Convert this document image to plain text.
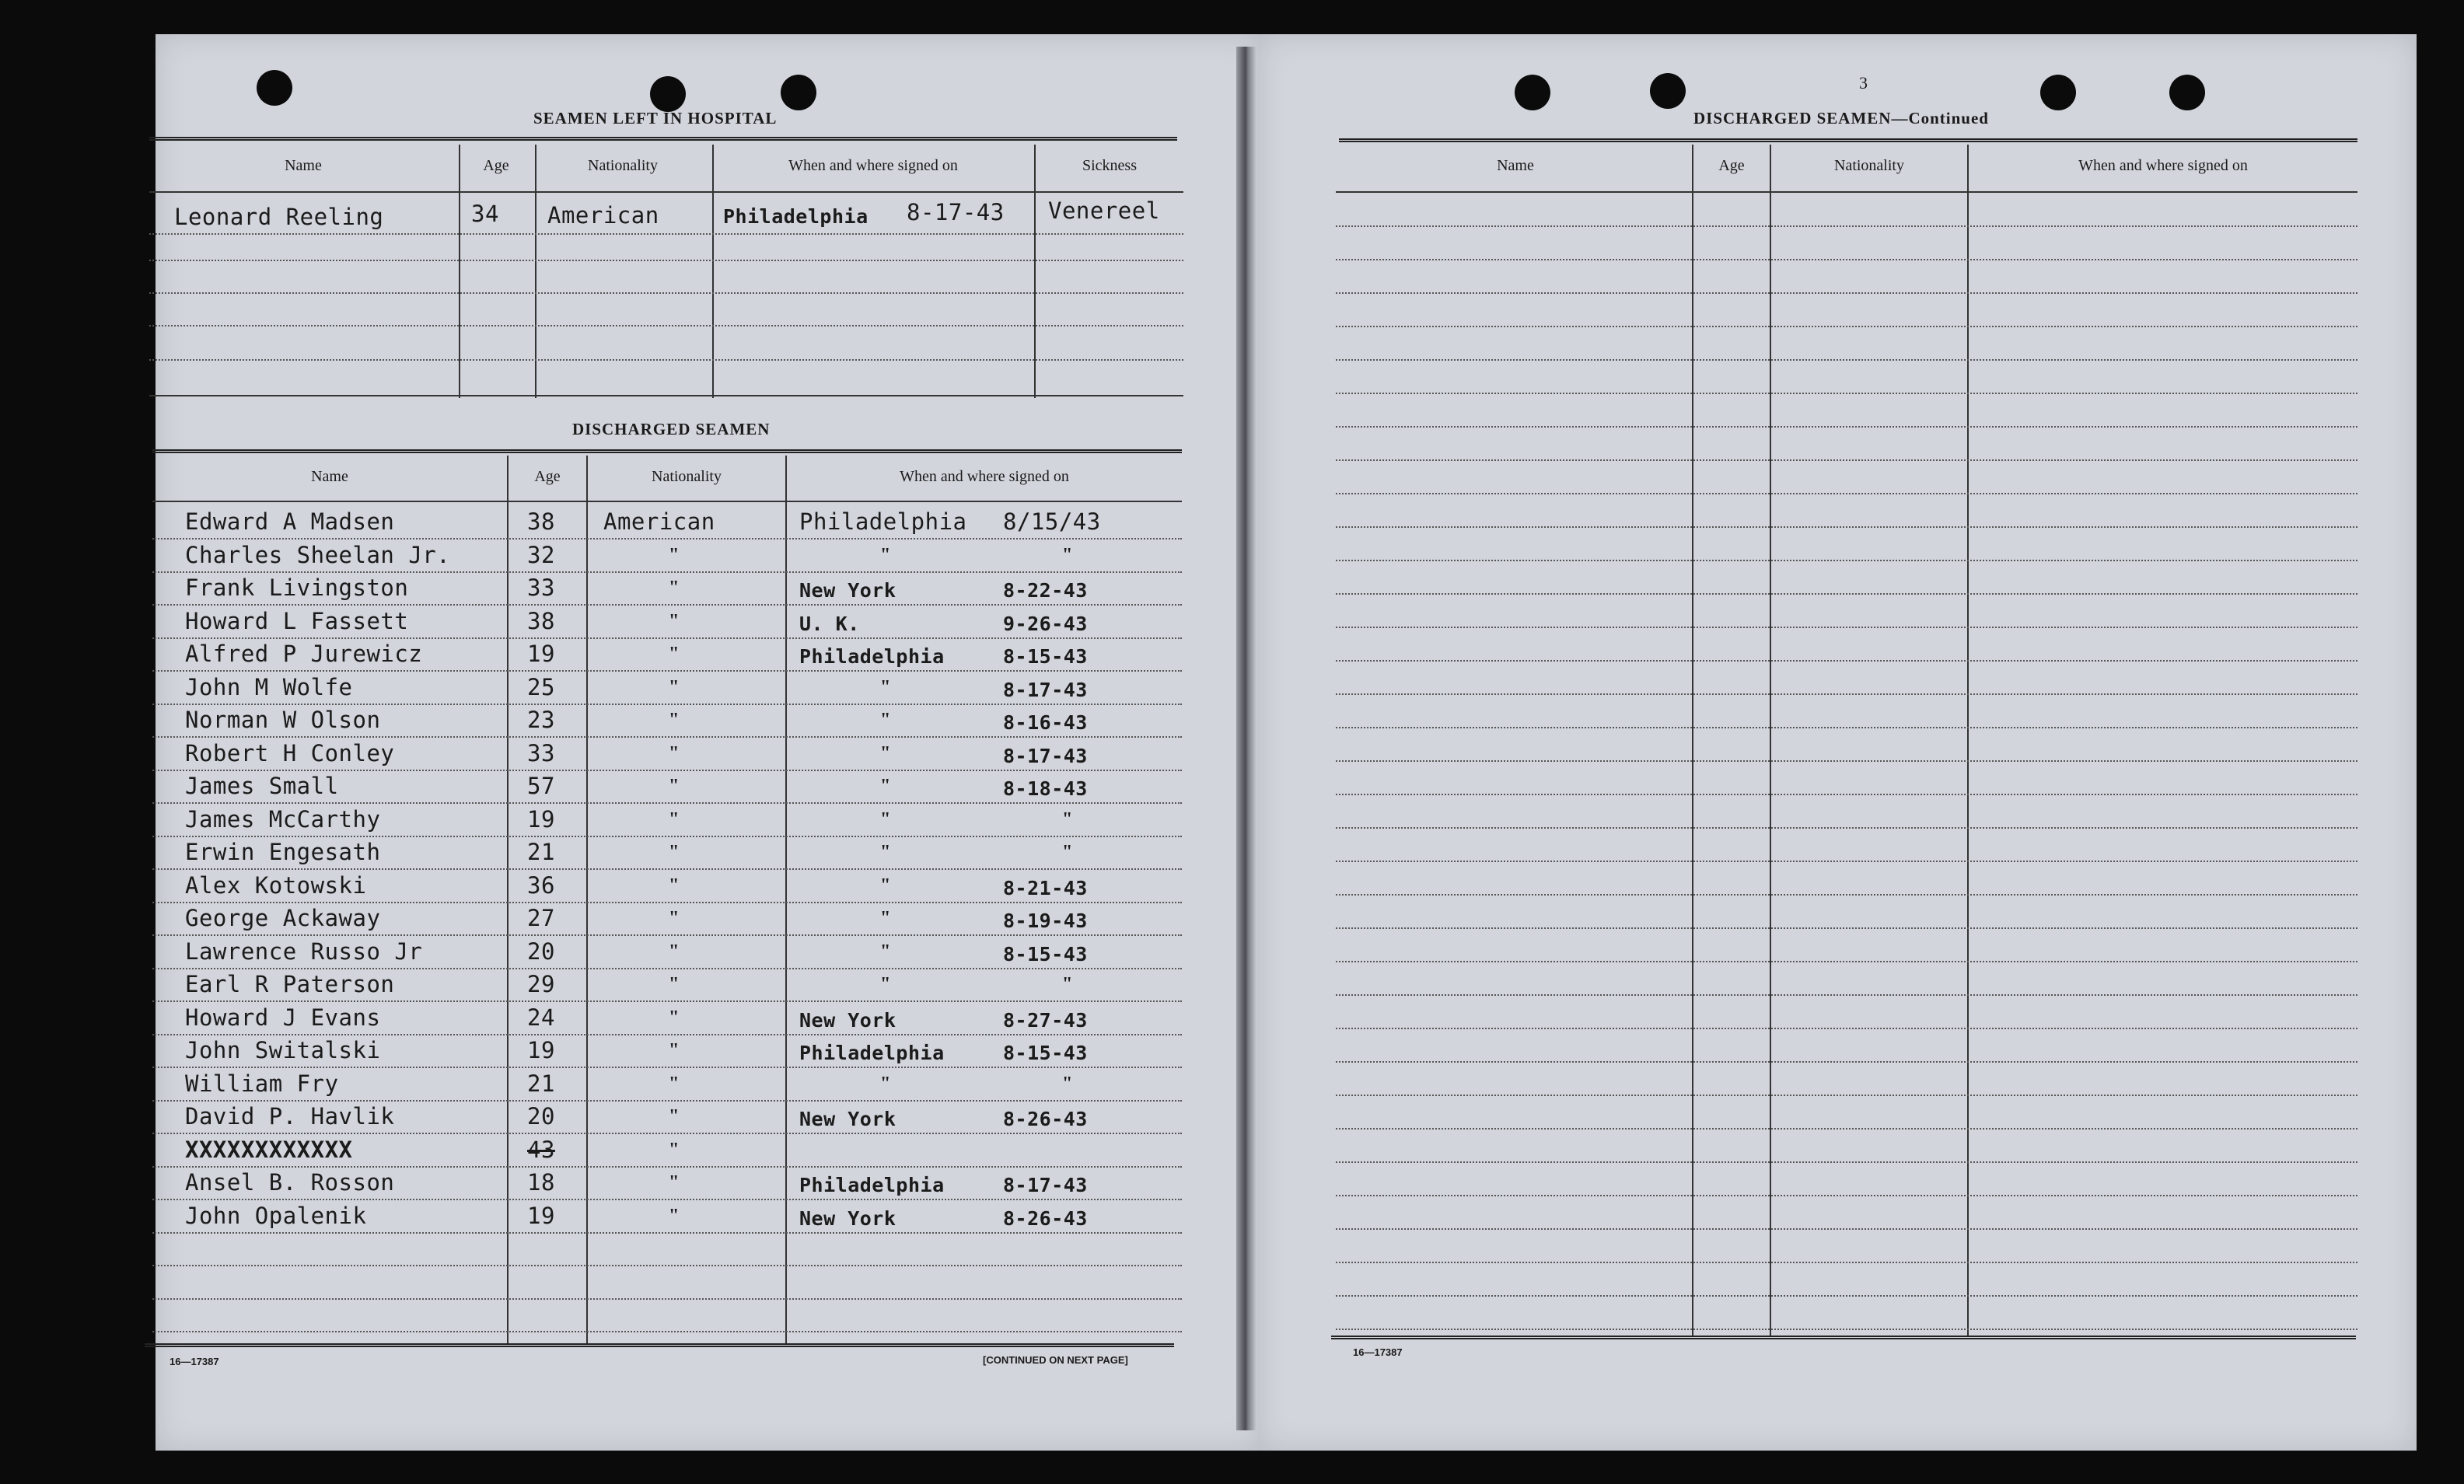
SEAMEN LEFT IN HOSPITAL
Name	Age	Nationality	When and where signed on	Sickness
Leonard Reeling	34 American	Philadelphia 8-17-43 Venereel
DISCHARGED SEAMEN
Name	Age	Nationality	When and where signed on
Edward A Madsen	38 American	Philadelphia 8/15/43
Charles Sheelan Jr.	32	"	"	"
Frank Livingston	33	"	New York	8-22-43
Howard L Fassett	38	"	U. K.	9-26-43
Alfred P Jurewicz	19	"	Philadelphia	8-15-43
John M Wolfe	25	"	"	8-17-43
Norman W Olson	23	"	"	8-16-43
Robert H Conley	33	"	"	8-17-43
James Small	57	"	"	8-18-43
James McCarthy	19	"	"	"
Erwin Engesath	21	"	"	"
Alex Kotowski	36	"	"	8-21-43
George Ackaway	27	"	"	8-19-43
Lawrence Russo Jr	20	"	"	8-15-43
Earl R Paterson	29	"	"	"
Howard J Evans	24	"	New York	8-27-43
John Switalski	19	"	Philadelphia	8-15-43
William Fry	21	"	"	"
David P. Havlik	20	"	New York	8-26-43
XXXXXXXXXXXX	43	"
Ansel B. Rosson	18	"	Philadelphia	8-17-43
John Opalenik	19	"	New York	8-26-43
16—17387	[CONTINUED ON NEXT PAGE]
3
DISCHARGED SEAMEN—Continued
Name	Age	Nationality	When and where signed on
16—17387
